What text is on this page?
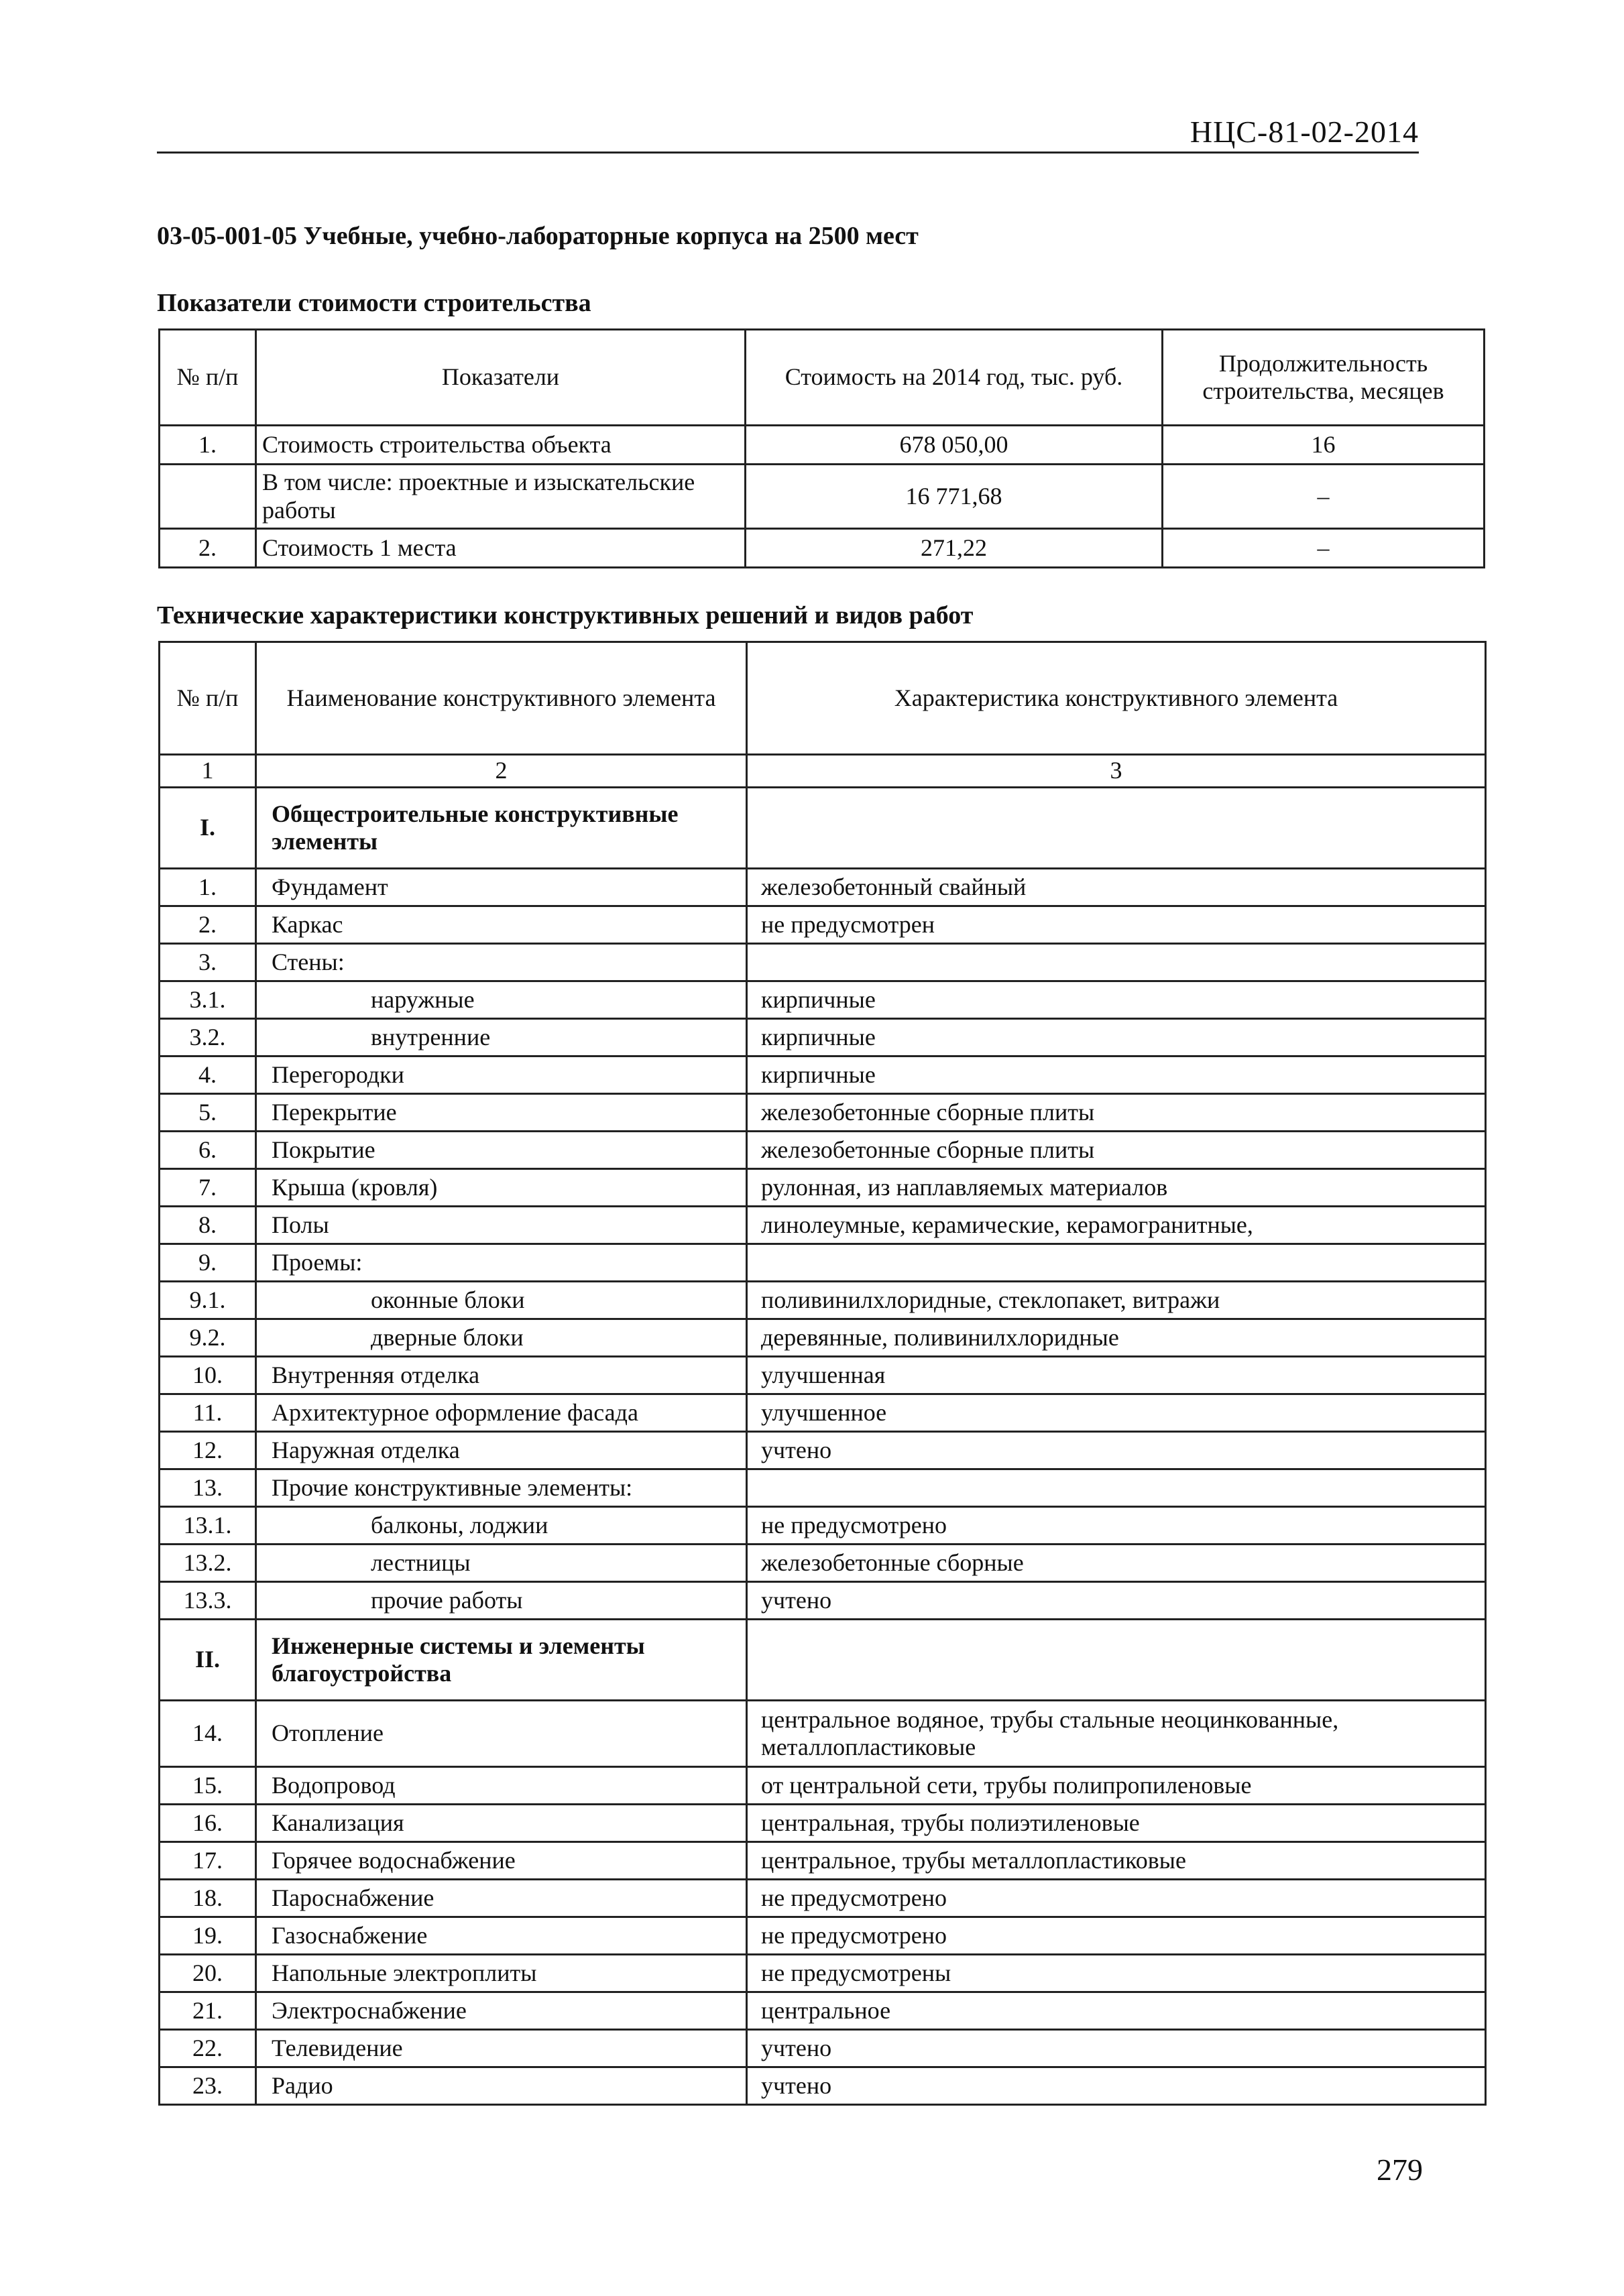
НЦС-81-02-2014
03-05-001-05 Учебные, учебно-лабораторные корпуса на 2500 мест
Показатели стоимости строительства
№ п/п	Показатели	Стоимость на 2014 год, тыс. руб.	Продолжительность строительства, месяцев
1.	Стоимость строительства объекта	678 050,00	16
	В том числе: проектные и изыскательские работы	16 771,68	–
2.	Стоимость 1 места	271,22	–
Технические характеристики конструктивных решений и видов работ
№ п/п	Наименование конструктивного элемента	Характеристика конструктивного элемента
1	2	3
I.	Общестроительные конструктивные элементы	
1.	Фундамент	железобетонный свайный
2.	Каркас	не предусмотрен
3.	Стены:	
3.1.	наружные	кирпичные
3.2.	внутренние	кирпичные
4.	Перегородки	кирпичные
5.	Перекрытие	железобетонные сборные плиты
6.	Покрытие	железобетонные сборные плиты
7.	Крыша (кровля)	рулонная, из наплавляемых материалов
8.	Полы	линолеумные, керамические, керамогранитные,
9.	Проемы:	
9.1.	оконные блоки	поливинилхлоридные, стеклопакет, витражи
9.2.	дверные блоки	деревянные, поливинилхлоридные
10.	Внутренняя отделка	улучшенная
11.	Архитектурное оформление фасада	улучшенное
12.	Наружная отделка	учтено
13.	Прочие конструктивные элементы:	
13.1.	балконы, лоджии	не предусмотрено
13.2.	лестницы	железобетонные сборные
13.3.	прочие работы	учтено
II.	Инженерные системы и элементы благоустройства	
14.	Отопление	центральное водяное, трубы стальные неоцинкованные, металлопластиковые
15.	Водопровод	от центральной сети, трубы полипропиленовые
16.	Канализация	центральная, трубы полиэтиленовые
17.	Горячее водоснабжение	центральное, трубы металлопластиковые
18.	Пароснабжение	не предусмотрено
19.	Газоснабжение	не предусмотрено
20.	Напольные электроплиты	не предусмотрены
21.	Электроснабжение	центральное
22.	Телевидение	учтено
23.	Радио	учтено
279
